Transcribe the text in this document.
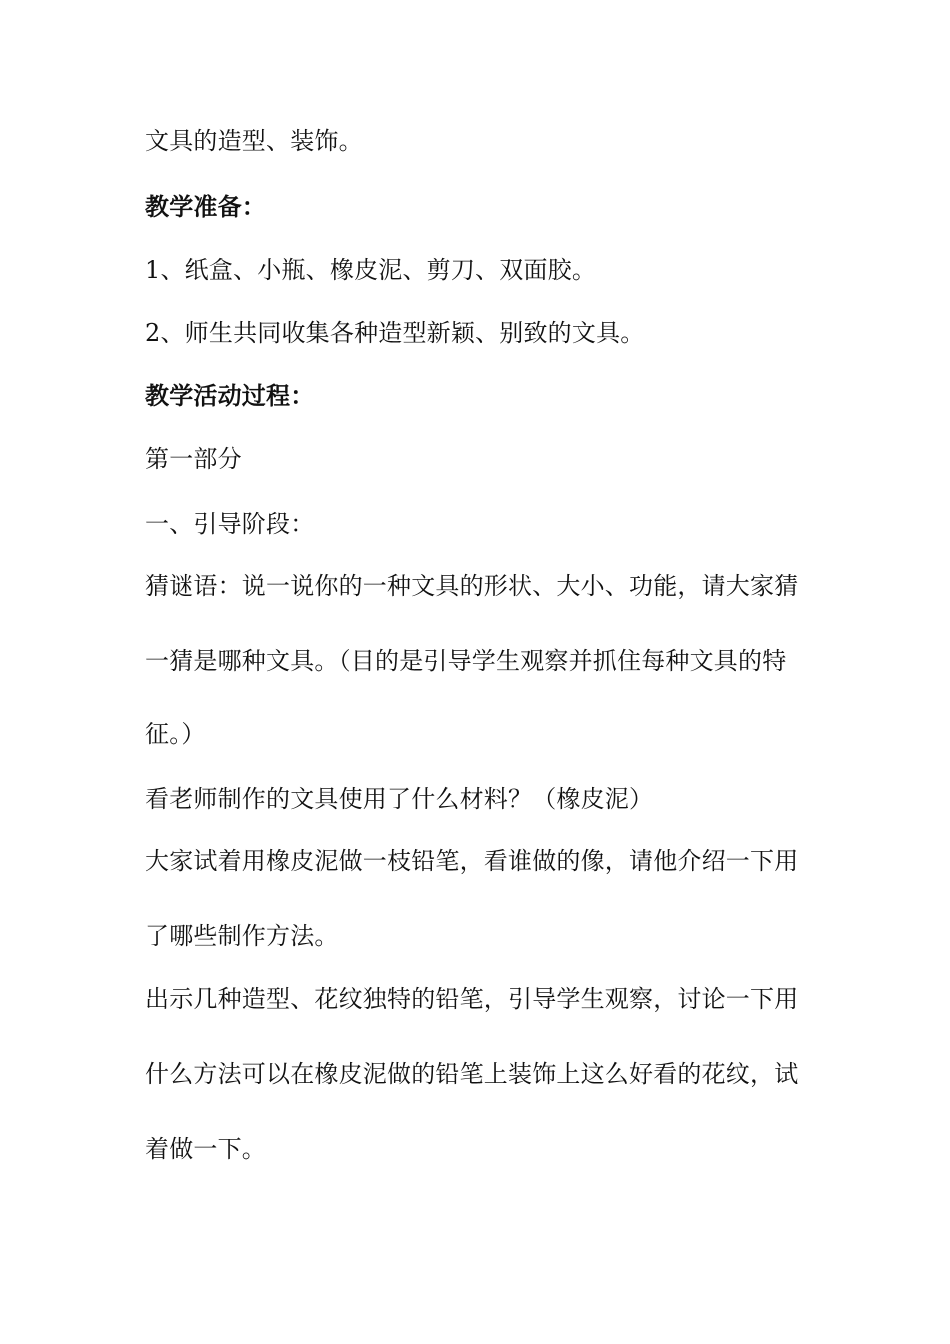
文具的造型、装饰。
教学准备：
1、纸盒、小瓶、橡皮泥、剪刀、双面胶。
2、师生共同收集各种造型新颖、别致的文具。
教学活动过程：
第一部分
一、引导阶段：
猜谜语：说一说你的一种文具的形状、大小、功能，请大家猜
一猜是哪种文具。（目的是引导学生观察并抓住每种文具的特
征。）
看老师制作的文具使用了什么材料？（橡皮泥）
大家试着用橡皮泥做一枝铅笔，看谁做的像，请他介绍一下用
了哪些制作方法。
出示几种造型、花纹独特的铅笔，引导学生观察，讨论一下用
什么方法可以在橡皮泥做的铅笔上装饰上这么好看的花纹，试
着做一下。
